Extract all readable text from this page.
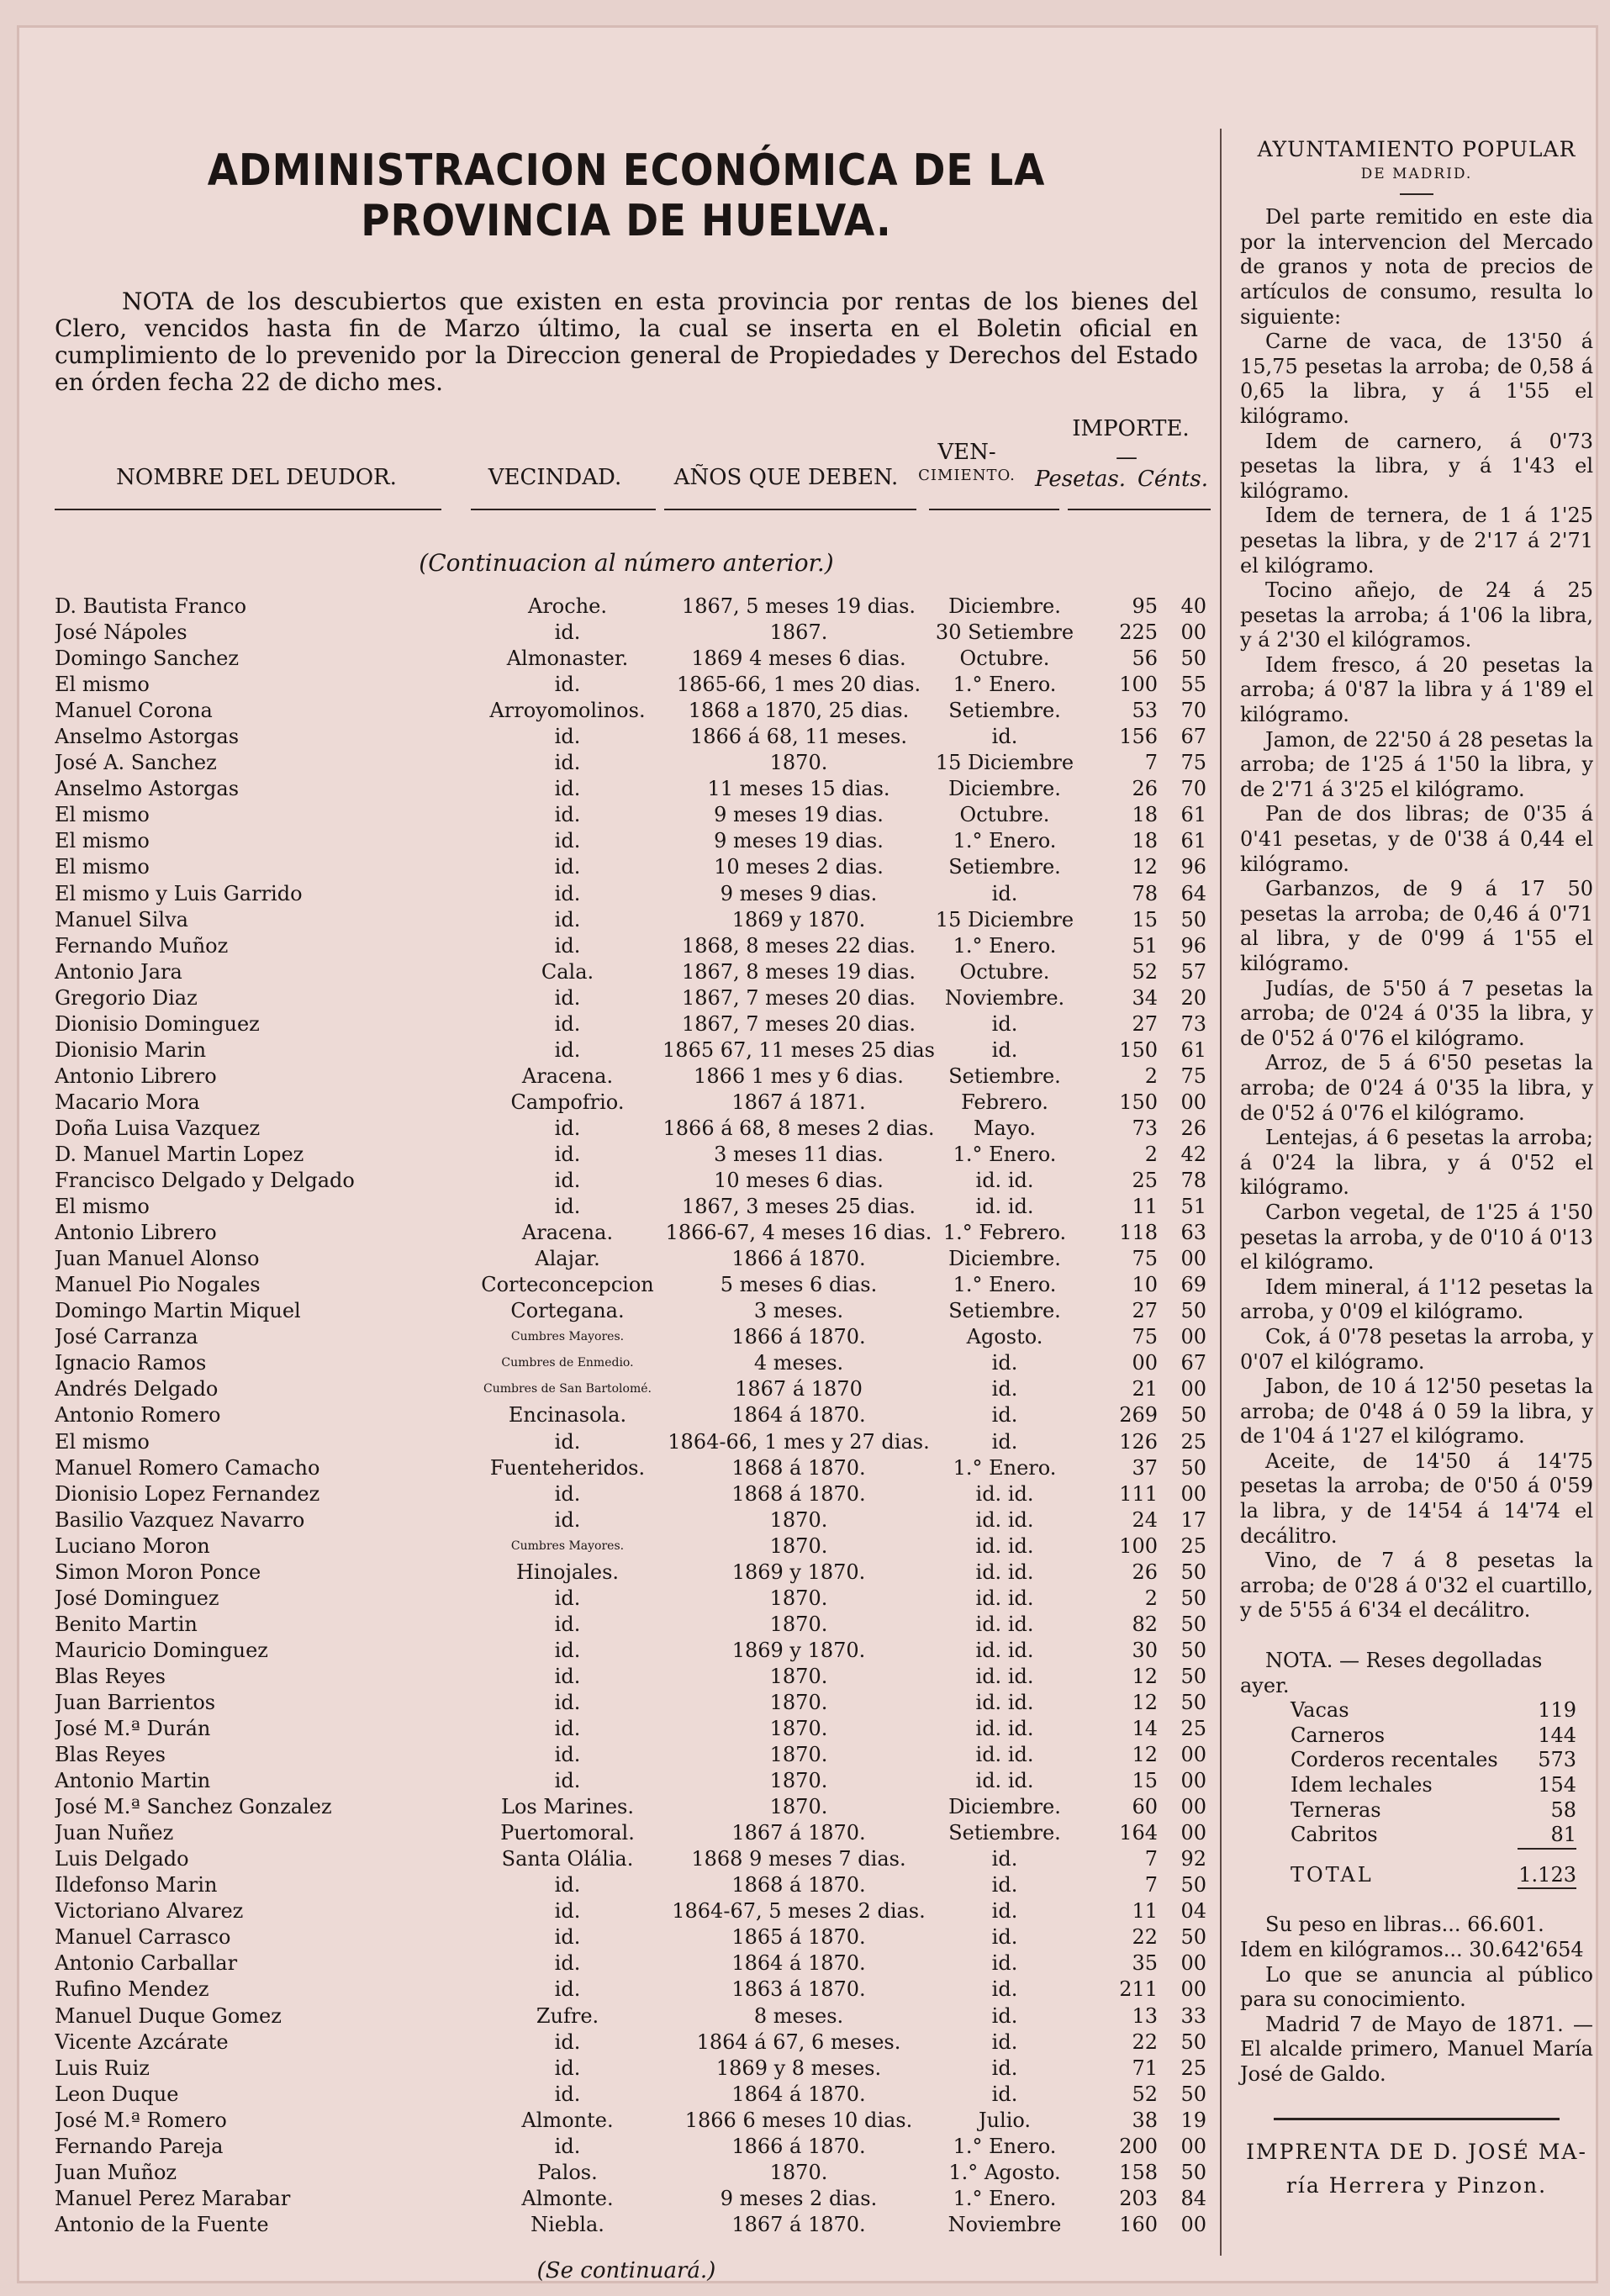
ADMINISTRACION ECONÓMICA DE LA PROVINCIA DE HUELVA.

NOTA de los descubiertos que existen en esta provincia por rentas de los bienes del Clero, vencidos hasta fin de Marzo último, la cual se inserta en el Boletin oficial en cumplimiento de lo prevenido por la Direccion general de Propiedades y Derechos del Estado en órden fecha 22 de dicho mes.

NOMBRE DEL DEUDOR.	VECINDAD.	AÑOS QUE DEBEN.
VEN-
CIMIENTO.
IMPORTE.
—
Pesetas. Cénts.
(Continuacion al número anterior.)
D. Bautista Franco	Aroche.	1867, 5 meses 19 dias.	Diciembre.	95	40
José Nápoles	id.	1867.	30 Setiembre	225	00
Domingo Sanchez	Almonaster.	1869 4 meses 6 dias.	Octubre.	56	50
El mismo	id.	1865-66, 1 mes 20 dias.	1.° Enero.	100	55
Manuel Corona	Arroyomolinos.	1868 a 1870, 25 dias.	Setiembre.	53	70
Anselmo Astorgas	id.	1866 á 68, 11 meses.	id.	156	67
José A. Sanchez	id.	1870.	15 Diciembre	7	75
Anselmo Astorgas	id.	11 meses 15 dias.	Diciembre.	26	70
El mismo	id.	9 meses 19 dias.	Octubre.	18	61
El mismo	id.	9 meses 19 dias.	1.° Enero.	18	61
El mismo	id.	10 meses 2 dias.	Setiembre.	12	96
El mismo y Luis Garrido	id.	9 meses 9 dias.	id.	78	64
Manuel Silva	id.	1869 y 1870.	15 Diciembre	15	50
Fernando Muñoz	id.	1868, 8 meses 22 dias.	1.° Enero.	51	96
Antonio Jara	Cala.	1867, 8 meses 19 dias.	Octubre.	52	57
Gregorio Diaz	id.	1867, 7 meses 20 dias.	Noviembre.	34	20
Dionisio Dominguez	id.	1867, 7 meses 20 dias.	id.	27	73
Dionisio Marin	id.	1865 67, 11 meses 25 dias	id.	150	61
Antonio Librero	Aracena.	1866 1 mes y 6 dias.	Setiembre.	2	75
Macario Mora	Campofrio.	1867 á 1871.	Febrero.	150	00
Doña Luisa Vazquez	id.	1866 á 68, 8 meses 2 dias.	Mayo.	73	26
D. Manuel Martin Lopez	id.	3 meses 11 dias.	1.° Enero.	2	42
Francisco Delgado y Delgado	id.	10 meses 6 dias.	id. id.	25	78
El mismo	id.	1867, 3 meses 25 dias.	id. id.	11	51
Antonio Librero	Aracena.	1866-67, 4 meses 16 dias. 1.° Febrero.	118	63
Juan Manuel Alonso	Alajar.	1866 á 1870.	Diciembre.	75	00
Manuel Pio Nogales	Corteconcepcion	5 meses 6 dias.	1.° Enero.	10	69
Domingo Martin Miquel	Cortegana.	3 meses.	Setiembre.	27	50
José Carranza	Cumbres Mayores.	1866 á 1870.	Agosto.	75	00
Ignacio Ramos	Cumbres de Enmedio.	4 meses.	id.	00	67
Andrés Delgado	Cumbres de San Bartolomé.	1867 á 1870	id.	21	00
Antonio Romero	Encinasola.	1864 á 1870.	id.	269	50
El mismo	id.	1864-66, 1 mes y 27 dias.	id.	126	25
Manuel Romero Camacho	Fuenteheridos.	1868 á 1870.	1.° Enero.	37	50
Dionisio Lopez Fernandez	id.	1868 á 1870.	id. id.	111	00
Basilio Vazquez Navarro	id.	1870.	id. id.	24	17
Luciano Moron	Cumbres Mayores.	1870.	id. id.	100	25
Simon Moron Ponce	Hinojales.	1869 y 1870.	id. id.	26	50
José Dominguez	id.	1870.	id. id.	2	50
Benito Martin	id.	1870.	id. id.	82	50
Mauricio Dominguez	id.	1869 y 1870.	id. id.	30	50
Blas Reyes	id.	1870.	id. id.	12	50
Juan Barrientos	id.	1870.	id. id.	12	50
José M.ª Durán	id.	1870.	id. id.	14	25
Blas Reyes	id.	1870.	id. id.	12	00
Antonio Martin	id.	1870.	id. id.	15	00
José M.ª Sanchez Gonzalez	Los Marines.	1870.	Diciembre.	60	00
Juan Nuñez	Puertomoral.	1867 á 1870.	Setiembre.	164	00
Luis Delgado	Santa Olália.	1868 9 meses 7 dias.	id.	7	92
Ildefonso Marin	id.	1868 á 1870.	id.	7	50
Victoriano Alvarez	id.	1864-67, 5 meses 2 dias.	id.	11	04
Manuel Carrasco	id.	1865 á 1870.	id.	22	50
Antonio Carballar	id.	1864 á 1870.	id.	35	00
Rufino Mendez	id.	1863 á 1870.	id.	211	00
Manuel Duque Gomez	Zufre.	8 meses.	id.	13	33
Vicente Azcárate	id.	1864 á 67, 6 meses.	id.	22	50
Luis Ruiz	id.	1869 y 8 meses.	id.	71	25
Leon Duque	id.	1864 á 1870.	id.	52	50
José M.ª Romero	Almonte.	1866 6 meses 10 dias.	Julio.	38	19
Fernando Pareja	id.	1866 á 1870.	1.° Enero.	200	00
Juan Muñoz	Palos.	1870.	1.° Agosto.	158	50
Manuel Perez Marabar	Almonte.	9 meses 2 dias.	1.° Enero.	203	84
Antonio de la Fuente	Niebla.	1867 á 1870.	Noviembre	160	00
(Se continuará.)
AYUNTAMIENTO POPULAR
DE MADRID.

Del parte remitido en este dia por la intervencion del Mercado de granos y nota de precios de artículos de consumo, resulta lo siguiente:

Carne de vaca, de 13'50 á 15,75 pesetas la arroba; de 0,58 á 0,65 la libra, y á 1'55 el kilógramo.

Idem de carnero, á 0'73 pesetas la libra, y á 1'43 el kilógramo.

Idem de ternera, de 1 á 1'25 pesetas la libra, y de 2'17 á 2'71 el kilógramo.

Tocino añejo, de 24 á 25 pesetas la arroba; á 1'06 la libra, y á 2'30 el kilógramos.

Idem fresco, á 20 pesetas la arroba; á 0'87 la libra y á 1'89 el kilógramo.

Jamon, de 22'50 á 28 pesetas la arroba; de 1'25 á 1'50 la libra, y de 2'71 á 3'25 el kilógramo.

Pan de dos libras; de 0'35 á 0'41 pesetas, y de 0'38 á 0,44 el kilógramo.

Garbanzos, de 9 á 17 50 pesetas la arroba; de 0,46 á 0'71 al libra, y de 0'99 á 1'55 el kilógramo.

Judías, de 5'50 á 7 pesetas la arroba; de 0'24 á 0'35 la libra, y de 0'52 á 0'76 el kilógramo.

Arroz, de 5 á 6'50 pesetas la arroba; de 0'24 á 0'35 la libra, y de 0'52 á 0'76 el kilógramo.

Lentejas, á 6 pesetas la arroba; á 0'24 la libra, y á 0'52 el kilógramo.

Carbon vegetal, de 1'25 á 1'50 pesetas la arroba, y de 0'10 á 0'13 el kilógramo.

Idem mineral, á 1'12 pesetas la arroba, y 0'09 el kilógramo.

Cok, á 0'78 pesetas la arroba, y 0'07 el kilógramo.

Jabon, de 10 á 12'50 pesetas la arroba; de 0'48 á 0 59 la libra, y de 1'04 á 1'27 el kilógramo.

Aceite, de 14'50 á 14'75 pesetas la arroba; de 0'50 á 0'59 la libra, y de 14'54 á 14'74 el decálitro.

Vino, de 7 á 8 pesetas la arroba; de 0'28 á 0'32 el cuartillo, y de 5'55 á 6'34 el decálitro.

NOTA. — Reses degolladas ayer.
Vacas	119
Carneros	144
Corderos recentales 573
Idem lechales	154
Terneras	58
Cabritos	81
TOTAL	1.123
Su peso en libras... 66.601.
Idem en kilógramos... 30.642'654

Lo que se anuncia al público para su conocimiento.

Madrid 7 de Mayo de 1871. — El alcalde primero, Manuel María José de Galdo.

IMPRENTA DE D. JOSÉ MA-
ría Herrera y Pinzon.
